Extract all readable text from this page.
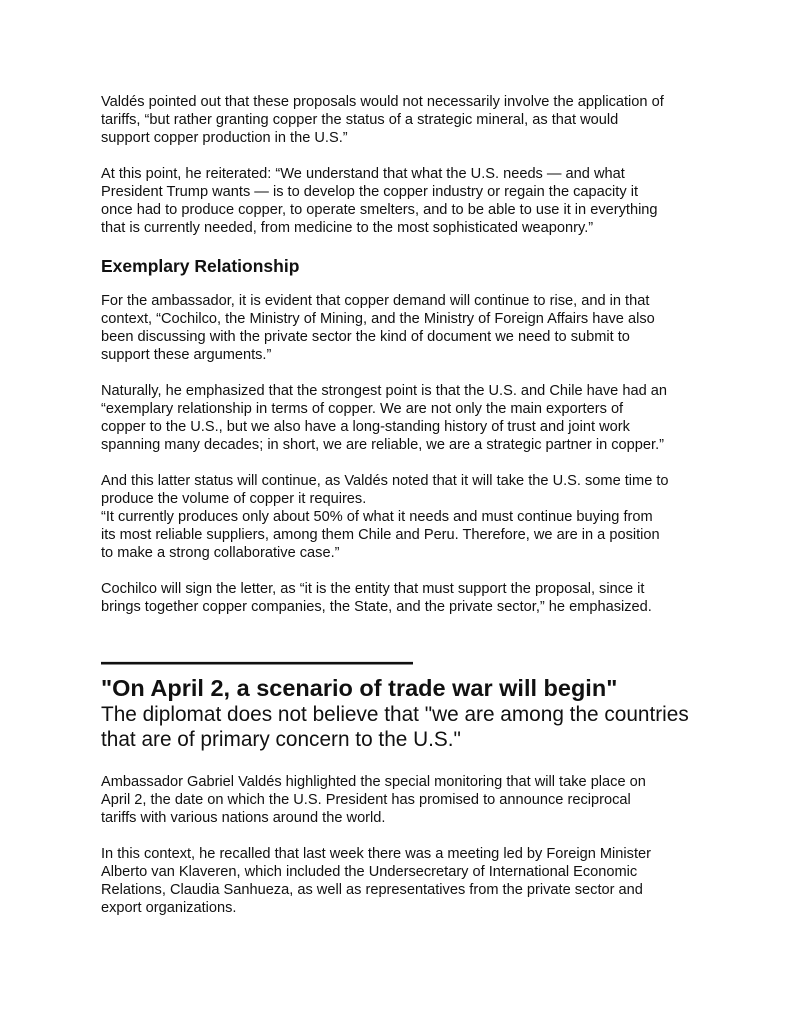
Valdés pointed out that these proposals would not necessarily involve the application of
tariffs, “but rather granting copper the status of a strategic mineral, as that would
support copper production in the U.S.”

At this point, he reiterated: “We understand that what the U.S. needs — and what
President Trump wants — is to develop the copper industry or regain the capacity it
once had to produce copper, to operate smelters, and to be able to use it in everything
that is currently needed, from medicine to the most sophisticated weaponry.”

Exemplary Relationship

For the ambassador, it is evident that copper demand will continue to rise, and in that
context, “Cochilco, the Ministry of Mining, and the Ministry of Foreign Affairs have also
been discussing with the private sector the kind of document we need to submit to
support these arguments.”

Naturally, he emphasized that the strongest point is that the U.S. and Chile have had an
“exemplary relationship in terms of copper. We are not only the main exporters of
copper to the U.S., but we also have a long-standing history of trust and joint work
spanning many decades; in short, we are reliable, we are a strategic partner in copper.”

And this latter status will continue, as Valdés noted that it will take the U.S. some time to
produce the volume of copper it requires.

“It currently produces only about 50% of what it needs and must continue buying from
its most reliable suppliers, among them Chile and Peru. Therefore, we are in a position
to make a strong collaborative case.”

Cochilco will sign the letter, as “it is the entity that must support the proposal, since it
brings together copper companies, the State, and the private sector,” he emphasized.

————————————
"On April 2, a scenario of trade war will begin"

The diplomat does not believe that "we are among the countries
that are of primary concern to the U.S."

Ambassador Gabriel Valdés highlighted the special monitoring that will take place on
April 2, the date on which the U.S. President has promised to announce reciprocal
tariffs with various nations around the world.

In this context, he recalled that last week there was a meeting led by Foreign Minister
Alberto van Klaveren, which included the Undersecretary of International Economic
Relations, Claudia Sanhueza, as well as representatives from the private sector and
export organizations.
